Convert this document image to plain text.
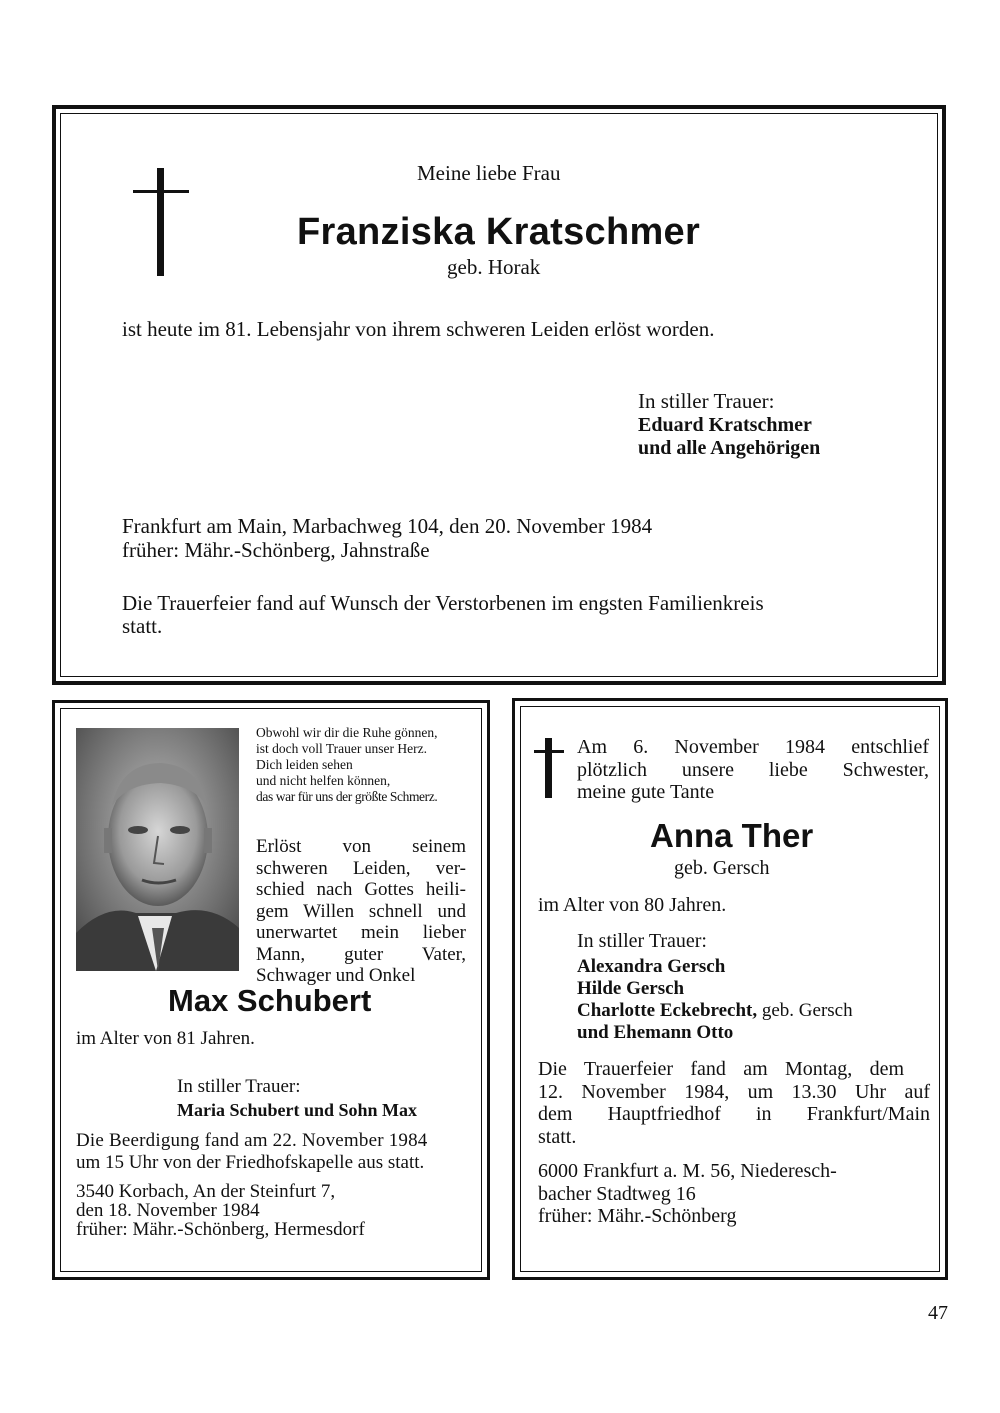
Meine liebe Frau
Franziska Kratschmer
geb. Horak
ist heute im 81. Lebensjahr von ihrem schweren Leiden erlöst worden.
In stiller Trauer:
Eduard Kratschmer
und alle Angehörigen
Frankfurt am Main, Marbachweg 104, den 20. November 1984
früher: Mähr.-Schönberg, Jahnstraße
Die Trauerfeier fand auf Wunsch der Verstorbenen im engsten Familienkreis
statt.
Obwohl wir dir die Ruhe gönnen,
ist doch voll Trauer unser Herz.
Dich leiden sehen
und nicht helfen können,
das war für uns der größte Schmerz.
Erlöst von seinem
schweren Leiden, ver-
schied nach Gottes heili-
gem Willen schnell und
unerwartet mein lieber
Mann, guter Vater,
Schwager und Onkel
Max Schubert
im Alter von 81 Jahren.
In stiller Trauer:
Maria Schubert und Sohn Max
Die Beerdigung fand am 22. November 1984
um 15 Uhr von der Friedhofskapelle aus statt.
3540 Korbach, An der Steinfurt 7,
den 18. November 1984
früher: Mähr.-Schönberg, Hermesdorf
Am 6. November 1984 entschlief
plötzlich unsere liebe Schwester,
meine gute Tante
Anna Ther
geb. Gersch
im Alter von 80 Jahren.
In stiller Trauer:
Alexandra Gersch
Hilde Gersch
Charlotte Eckebrecht, geb. Gersch
und Ehemann Otto
Die Trauerfeier fand am Montag, dem
12. November 1984, um 13.30 Uhr auf
dem Hauptfriedhof in Frankfurt/Main
statt.
6000 Frankfurt a. M. 56, Niederesch-
bacher Stadtweg 16
früher: Mähr.-Schönberg
47
